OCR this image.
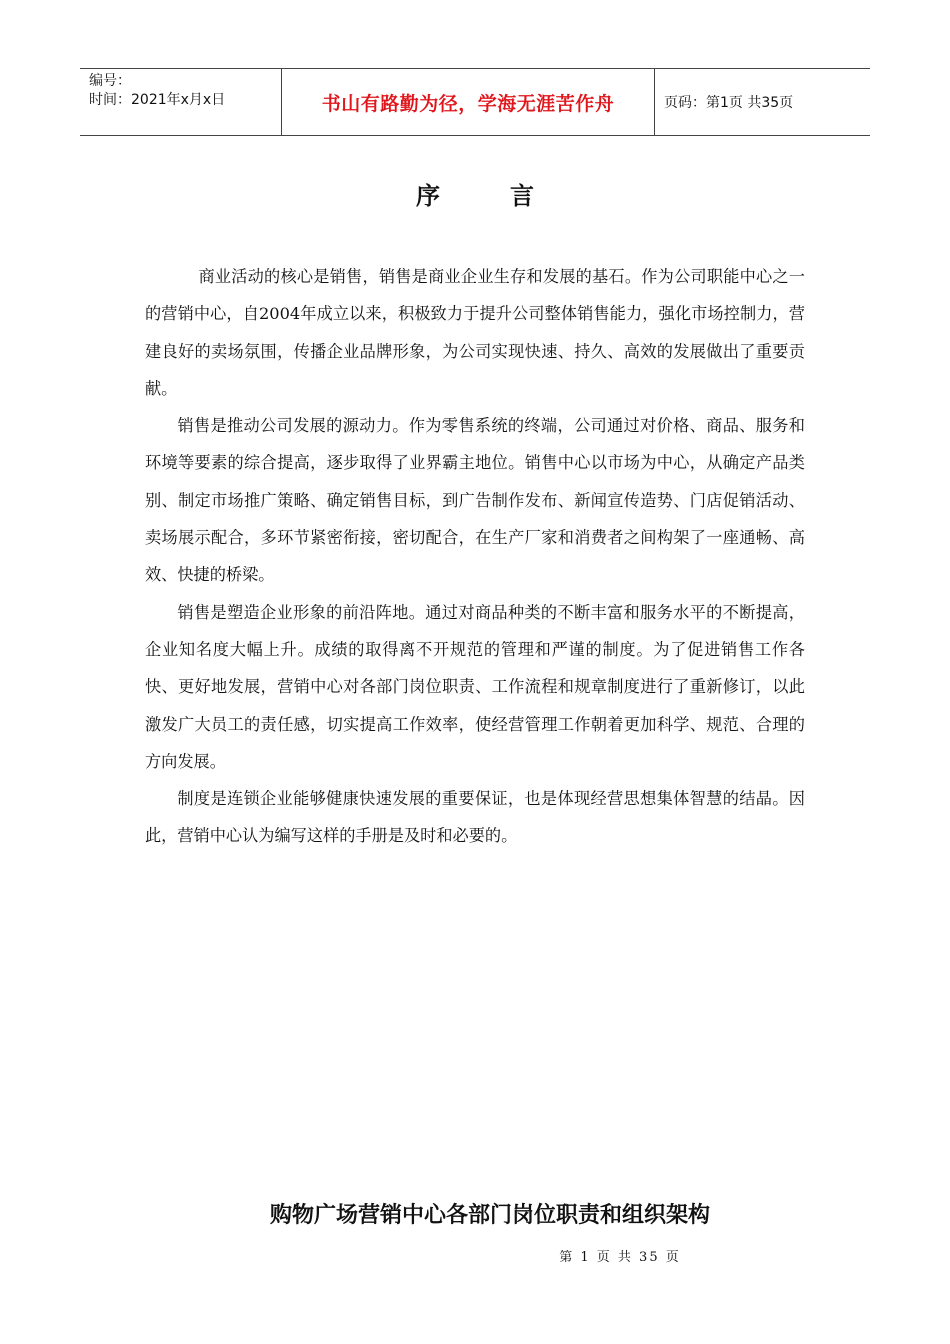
编号：
时间：2021年x月x日	书山有路勤为径，学海无涯苦作舟	页码：第1页 共35页
序言

商业活动的核心是销售，销售是商业企业生存和发展的基石。作为公司职能中心之一的营销中心，自2004年成立以来，积极致力于提升公司整体销售能力，强化市场控制力，营建良好的卖场氛围，传播企业品牌形象，为公司实现快速、持久、高效的发展做出了重要贡献。

销售是推动公司发展的源动力。作为零售系统的终端，公司通过对价格、商品、服务和环境等要素的综合提高，逐步取得了业界霸主地位。销售中心以市场为中心，从确定产品类别、制定市场推广策略、确定销售目标，到广告制作发布、新闻宣传造势、门店促销活动、卖场展示配合，多环节紧密衔接，密切配合，在生产厂家和消费者之间构架了一座通畅、高效、快捷的桥梁。

销售是塑造企业形象的前沿阵地。通过对商品种类的不断丰富和服务水平的不断提高，企业知名度大幅上升。成绩的取得离不开规范的管理和严谨的制度。为了促进销售工作各快、更好地发展，营销中心对各部门岗位职责、工作流程和规章制度进行了重新修订，以此激发广大员工的责任感，切实提高工作效率，使经营管理工作朝着更加科学、规范、合理的方向发展。

制度是连锁企业能够健康快速发展的重要保证，也是体现经营思想集体智慧的结晶。因此，营销中心认为编写这样的手册是及时和必要的。

购物广场营销中心各部门岗位职责和组织架构
第 1 页 共 35 页
